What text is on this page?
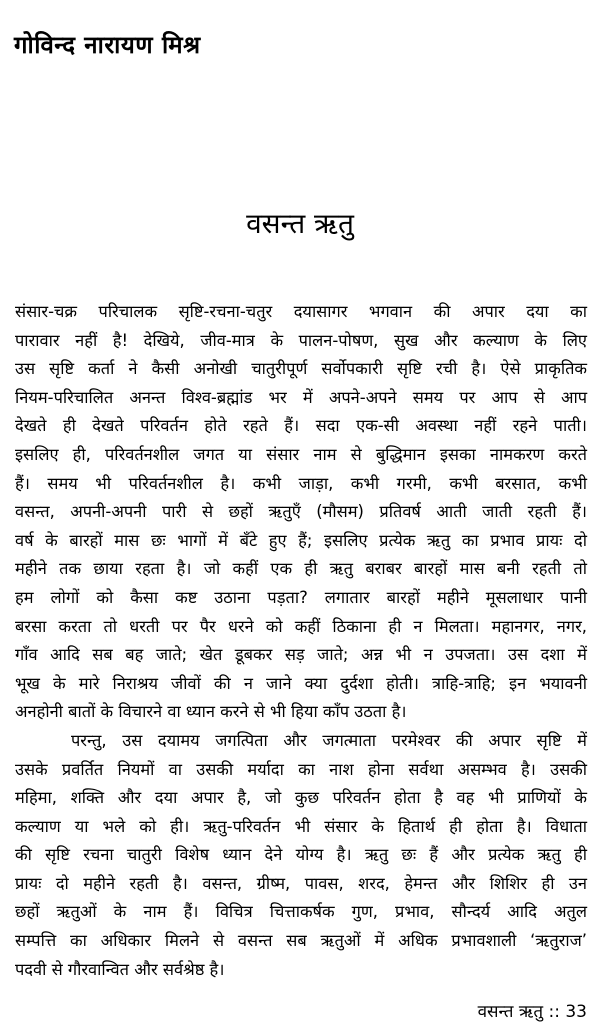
गोविन्द नारायण मिश्र
वसन्त ऋतु
संसार-चक्र परिचालक सृष्टि-रचना-चतुर दयासागर भगवान की अपार दया का
पारावार नहीं है! देखिये, जीव-मात्र के पालन-पोषण, सुख और कल्याण के लिए
उस सृष्टि कर्ता ने कैसी अनोखी चातुरीपूर्ण सर्वोपकारी सृष्टि रची है। ऐसे प्राकृतिक
नियम-परिचालित अनन्त विश्व-ब्रह्मांड भर में अपने-अपने समय पर आप से आप
देखते ही देखते परिवर्तन होते रहते हैं। सदा एक-सी अवस्था नहीं रहने पाती।
इसलिए ही, परिवर्तनशील जगत या संसार नाम से बुद्धिमान इसका नामकरण करते
हैं। समय भी परिवर्तनशील है। कभी जाड़ा, कभी गरमी, कभी बरसात, कभी
वसन्त, अपनी-अपनी पारी से छहों ऋतुएँ (मौसम) प्रतिवर्ष आती जाती रहती हैं।
वर्ष के बारहों मास छः भागों में बँटे हुए हैं; इसलिए प्रत्येक ऋतु का प्रभाव प्रायः दो
महीने तक छाया रहता है। जो कहीं एक ही ऋतु बराबर बारहों मास बनी रहती तो
हम लोगों को कैसा कष्ट उठाना पड़ता? लगातार बारहों महीने मूसलाधार पानी
बरसा करता तो धरती पर पैर धरने को कहीं ठिकाना ही न मिलता। महानगर, नगर,
गाँव आदि सब बह जाते; खेत डूबकर सड़ जाते; अन्न भी न उपजता। उस दशा में
भूख के मारे निराश्रय जीवों की न जाने क्या दुर्दशा होती। त्राहि-त्राहि; इन भयावनी
अनहोनी बातों के विचारने वा ध्यान करने से भी हिया काँप उठता है।
परन्तु, उस दयामय जगत्पिता और जगत्माता परमेश्वर की अपार सृष्टि में
उसके प्रवर्तित नियमों वा उसकी मर्यादा का नाश होना सर्वथा असम्भव है। उसकी
महिमा, शक्ति और दया अपार है, जो कुछ परिवर्तन होता है वह भी प्राणियों के
कल्याण या भले को ही। ऋतु-परिवर्तन भी संसार के हितार्थ ही होता है। विधाता
की सृष्टि रचना चातुरी विशेष ध्यान देने योग्य है। ऋतु छः हैं और प्रत्येक ऋतु ही
प्रायः दो महीने रहती है। वसन्त, ग्रीष्म, पावस, शरद, हेमन्त और शिशिर ही उन
छहों ऋतुओं के नाम हैं। विचित्र चित्ताकर्षक गुण, प्रभाव, सौन्दर्य आदि अतुल
सम्पत्ति का अधिकार मिलने से वसन्त सब ऋतुओं में अधिक प्रभावशाली ‘ऋतुराज’
पदवी से गौरवान्वित और सर्वश्रेष्ठ है।
वसन्त ऋतु :: 33
